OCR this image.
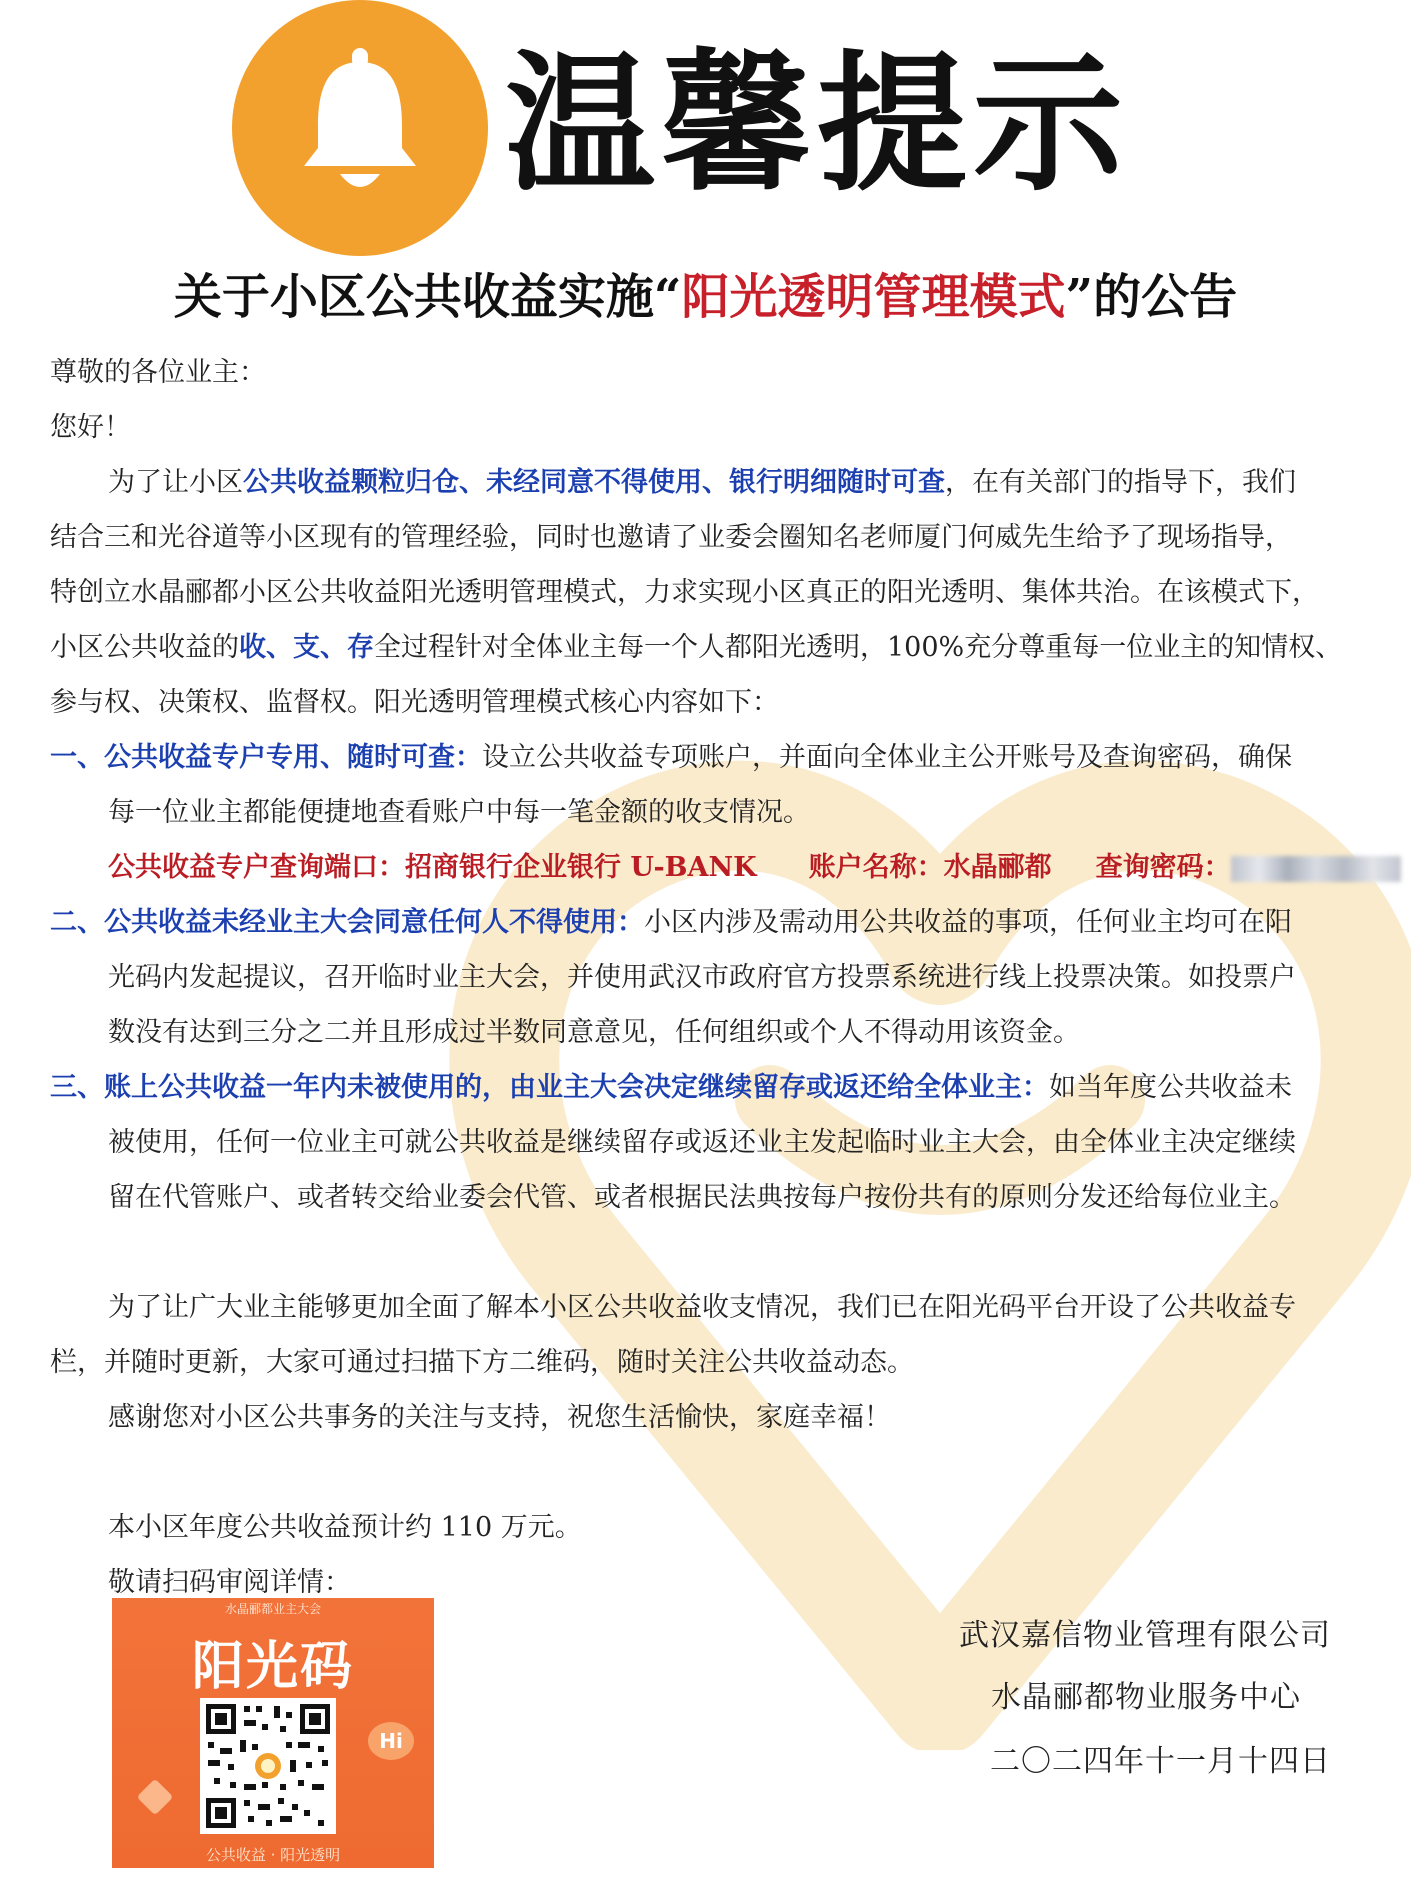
温馨提示
关于小区公共收益实施“阳光透明管理模式”的公告
尊敬的各位业主：
您好！
为了让小区公共收益颗粒归仓、未经同意不得使用、银行明细随时可查，在有关部门的指导下，我们
结合三和光谷道等小区现有的管理经验，同时也邀请了业委会圈知名老师厦门何威先生给予了现场指导，
特创立水晶郦都小区公共收益阳光透明管理模式，力求实现小区真正的阳光透明、集体共治。在该模式下，
小区公共收益的收、支、存全过程针对全体业主每一个人都阳光透明，100%充分尊重每一位业主的知情权、
参与权、决策权、监督权。阳光透明管理模式核心内容如下：
一、公共收益专户专用、随时可查：设立公共收益专项账户，并面向全体业主公开账号及查询密码，确保
每一位业主都能便捷地查看账户中每一笔金额的收支情况。
公共收益专户查询端口：招商银行企业银行 U-BANK 账户名称：水晶郦都 查询密码：
二、公共收益未经业主大会同意任何人不得使用：小区内涉及需动用公共收益的事项，任何业主均可在阳
光码内发起提议，召开临时业主大会，并使用武汉市政府官方投票系统进行线上投票决策。如投票户
数没有达到三分之二并且形成过半数同意意见，任何组织或个人不得动用该资金。
三、账上公共收益一年内未被使用的，由业主大会决定继续留存或返还给全体业主：如当年度公共收益未
被使用，任何一位业主可就公共收益是继续留存或返还业主发起临时业主大会，由全体业主决定继续
留在代管账户、或者转交给业委会代管、或者根据民法典按每户按份共有的原则分发还给每位业主。
为了让广大业主能够更加全面了解本小区公共收益收支情况，我们已在阳光码平台开设了公共收益专
栏，并随时更新，大家可通过扫描下方二维码，随时关注公共收益动态。
感谢您对小区公共事务的关注与支持，祝您生活愉快，家庭幸福！
本小区年度公共收益预计约 110 万元。
敬请扫码审阅详情：
水晶郦都业主大会
阳光码
Hi
公共收益 · 阳光透明
武汉嘉信物业管理有限公司
水晶郦都物业服务中心
二〇二四年十一月十四日
